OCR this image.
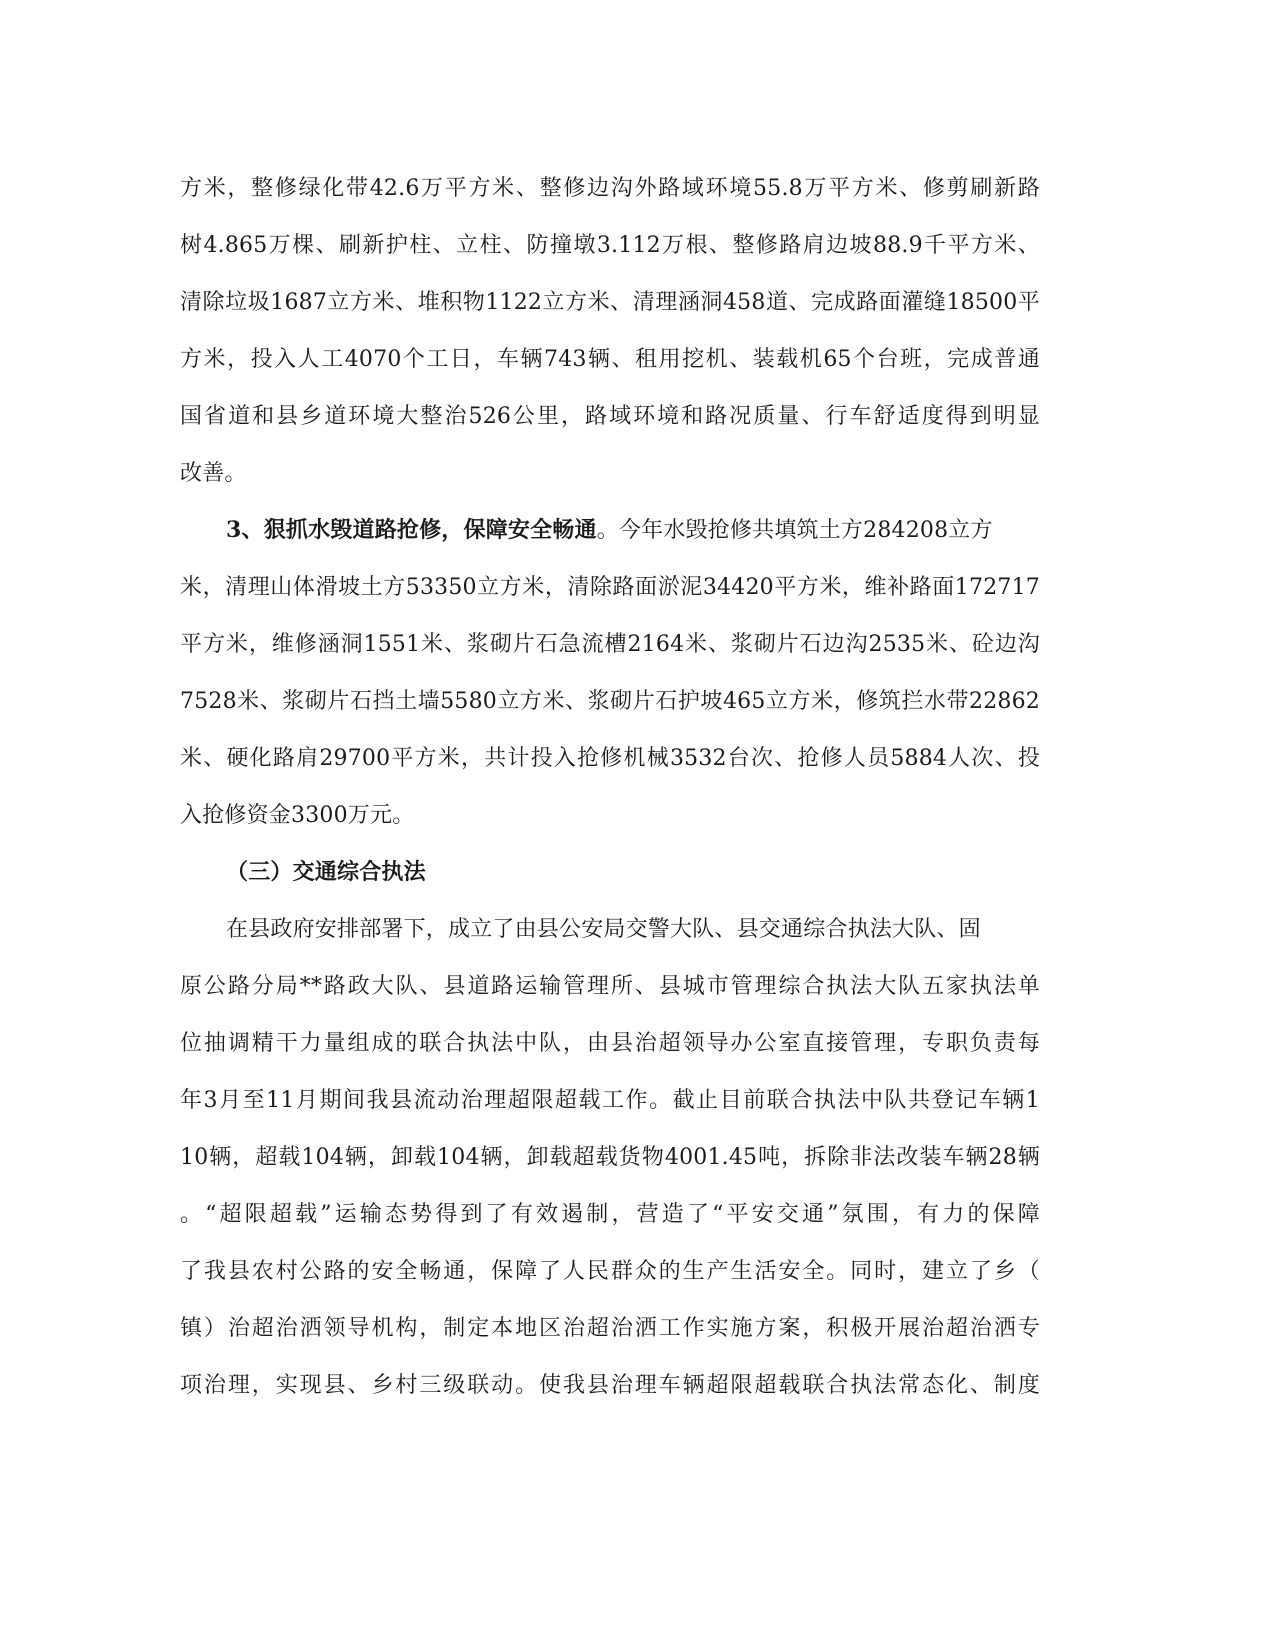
方米，整修绿化带42.6万平方米、整修边沟外路域环境55.8万平方米、修剪刷新路
树4.865万棵、刷新护柱、立柱、防撞墩3.112万根、整修路肩边坡88.9千平方米、
清除垃圾1687立方米、堆积物1122立方米、清理涵洞458道、完成路面灌缝18500平
方米，投入人工4070个工日，车辆743辆、租用挖机、装载机65个台班，完成普通
国省道和县乡道环境大整治526公里，路域环境和路况质量、行车舒适度得到明显
改善。
3、狠抓水毁道路抢修，保障安全畅通。今年水毁抢修共填筑土方284208立方
米，清理山体滑坡土方53350立方米，清除路面淤泥34420平方米，维补路面172717
平方米，维修涵洞1551米、浆砌片石急流槽2164米、浆砌片石边沟2535米、砼边沟
7528米、浆砌片石挡土墙5580立方米、浆砌片石护坡465立方米，修筑拦水带22862
米、硬化路肩29700平方米，共计投入抢修机械3532台次、抢修人员5884人次、投
入抢修资金3300万元。
（三）交通综合执法
在县政府安排部署下，成立了由县公安局交警大队、县交通综合执法大队、固
原公路分局**路政大队、县道路运输管理所、县城市管理综合执法大队五家执法单
位抽调精干力量组成的联合执法中队，由县治超领导办公室直接管理，专职负责每
年3月至11月期间我县流动治理超限超载工作。截止目前联合执法中队共登记车辆1
10辆，超载104辆，卸载104辆，卸载超载货物4001.45吨，拆除非法改装车辆28辆
。“超限超载”运输态势得到了有效遏制，营造了“平安交通”氛围，有力的保障
了我县农村公路的安全畅通，保障了人民群众的生产生活安全。同时，建立了乡（
镇）治超治洒领导机构，制定本地区治超治洒工作实施方案，积极开展治超治洒专
项治理，实现县、乡村三级联动。使我县治理车辆超限超载联合执法常态化、制度
